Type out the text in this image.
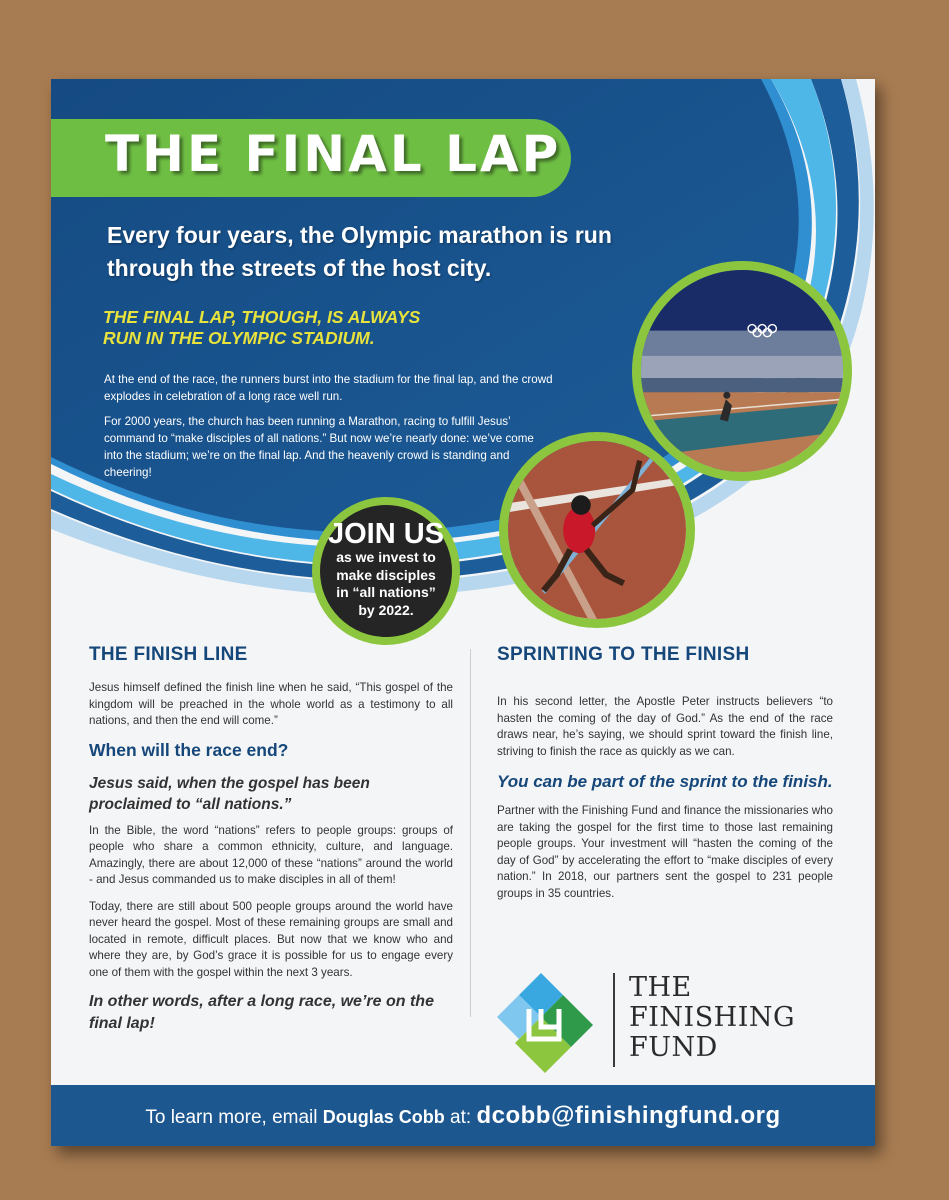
THE FINAL LAP
Every four years, the Olympic marathon is run through the streets of the host city.
THE FINAL LAP, THOUGH, IS ALWAYS RUN IN THE OLYMPIC STADIUM.

At the end of the race, the runners burst into the stadium for the final lap, and the crowd explodes in celebration of a long race well run.

For 2000 years, the church has been running a Marathon, racing to fulfill Jesus’ command to “make disciples of all nations.” But now we’re nearly done: we’ve come into the stadium; we’re on the final lap. And the heavenly crowd is standing and cheering!

JOIN US
as we invest to
make disciples
in “all nations”
by 2022.
THE FINISH LINE

Jesus himself defined the finish line when he said, “This gospel of the kingdom will be preached in the whole world as a testimony to all nations, and then the end will come.”

When will the race end?
Jesus said, when the gospel has been proclaimed to “all nations.”

In the Bible, the word “nations” refers to people groups: groups of people who share a common ethnicity, culture, and language. Amazingly, there are about 12,000 of these “nations” around the world - and Jesus commanded us to make disciples in all of them!

Today, there are still about 500 people groups around the world have never heard the gospel. Most of these remaining groups are small and located in remote, difficult places. But now that we know who and where they are, by God’s grace it is possible for us to engage every one of them with the gospel within the next 3 years.

In other words, after a long race, we’re on the final lap!
SPRINTING TO THE FINISH

In his second letter, the Apostle Peter instructs believers “to hasten the coming of the day of God.” As the end of the race draws near, he’s saying, we should sprint toward the finish line, striving to finish the race as quickly as we can.

You can be part of the sprint to the finish.

Partner with the Finishing Fund and finance the missionaries who are taking the gospel for the first time to those last remaining people groups. Your investment will “hasten the coming of the day of God” by accelerating the effort to “make disciples of every nation.” In 2018, our partners sent the gospel to 231 people groups in 35 countries.

THE
FINISHING
FUND
To learn more, email Douglas Cobb at: dcobb@finishingfund.org
